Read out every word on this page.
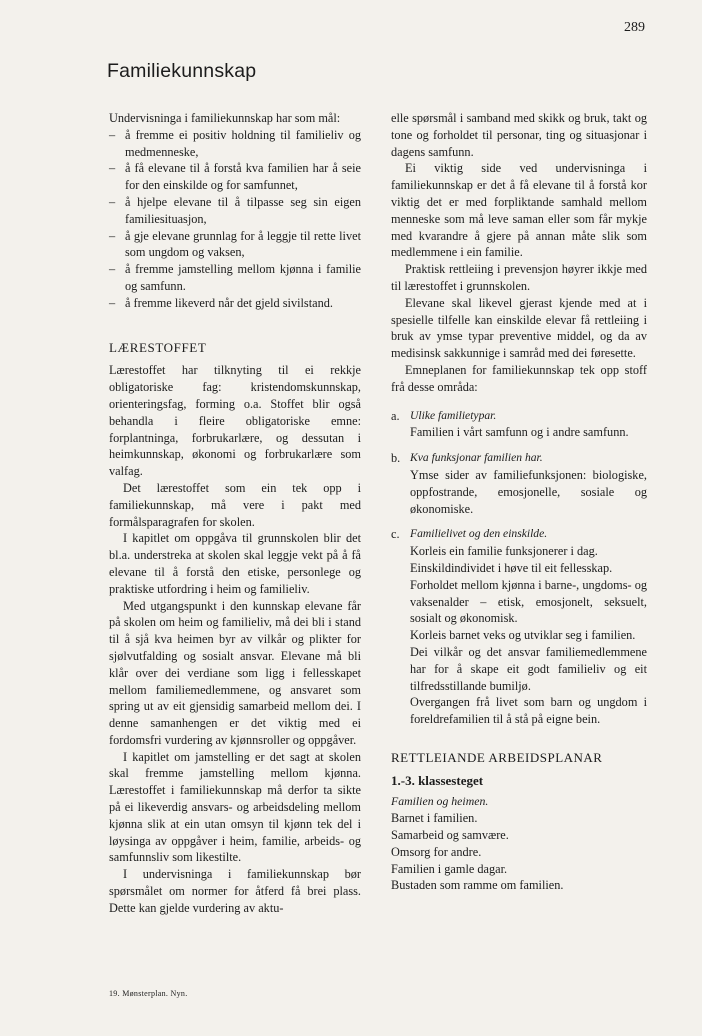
289
Familiekunnskap

Undervisninga i familiekunnskap har som mål:

– å fremme ei positiv holdning til familieliv og medmenneske,

– å få elevane til å forstå kva familien har å seie for den einskilde og for samfunnet,

– å hjelpe elevane til å tilpasse seg sin eigen familiesituasjon,

– å gje elevane grunnlag for å leggje til rette livet som ungdom og vaksen,

– å fremme jamstelling mellom kjønna i familie og samfunn.

– å fremme likeverd når det gjeld sivilstand.

LÆRESTOFFET

Lærestoffet har tilknyting til ei rekkje obligatoriske fag: kristendomskunnskap, orienteringsfag, forming o.a. Stoffet blir også behandla i fleire obligatoriske emne: forplantninga, forbrukarlære, og dessutan i heimkunnskap, økonomi og forbrukarlære som valfag.

Det lærestoffet som ein tek opp i familiekunnskap, må vere i pakt med formålsparagrafen for skolen.

I kapitlet om oppgåva til grunnskolen blir det bl.a. understreka at skolen skal leggje vekt på å få elevane til å forstå den etiske, personlege og praktiske utfordring i heim og familieliv.

Med utgangspunkt i den kunnskap elevane får på skolen om heim og familieliv, må dei bli i stand til å sjå kva heimen byr av vilkår og plikter for sjølvutfalding og sosialt ansvar. Elevane må bli klår over dei verdiane som ligg i fellesskapet mellom familiemedlemmene, og ansvaret som spring ut av eit gjensidig samarbeid mellom dei. I denne samanhengen er det viktig med ei fordomsfri vurdering av kjønnsroller og oppgåver.

I kapitlet om jamstelling er det sagt at skolen skal fremme jamstelling mellom kjønna. Lærestoffet i familiekunnskap må derfor ta sikte på ei likeverdig ansvars- og arbeidsdeling mellom kjønna slik at ein utan omsyn til kjønn tek del i løysinga av oppgåver i heim, familie, arbeids- og samfunnsliv som likestilte.

I undervisninga i familiekunnskap bør spørsmålet om normer for åtferd få brei plass. Dette kan gjelde vurdering av aktu-

elle spørsmål i samband med skikk og bruk, takt og tone og forholdet til personar, ting og situasjonar i dagens samfunn.

Ei viktig side ved undervisninga i familiekunnskap er det å få elevane til å forstå kor viktig det er med forpliktande samhald mellom menneske som må leve saman eller som får mykje med kvarandre å gjere på annan måte slik som medlemmene i ein familie.

Praktisk rettleiing i prevensjon høyrer ikkje med til lærestoffet i grunnskolen.

Elevane skal likevel gjerast kjende med at i spesielle tilfelle kan einskilde elevar få rettleiing i bruk av ymse typar preventive middel, og da av medisinsk sakkunnige i samråd med dei føresette.

Emneplanen for familiekunnskap tek opp stoff frå desse områda:

a. Ulike familietypar.

Familien i vårt samfunn og i andre samfunn.

b. Kva funksjonar familien har.

Ymse sider av familiefunksjonen: biologiske, oppfostrande, emosjonelle, sosiale og økonomiske.

c. Familielivet og den einskilde.

Korleis ein familie funksjonerer i dag.

Einskildindividet i høve til eit fellesskap.

Forholdet mellom kjønna i barne-, ungdoms- og vaksenalder – etisk, emosjonelt, seksuelt, sosialt og økonomisk.

Korleis barnet veks og utviklar seg i familien.

Dei vilkår og det ansvar familiemedlemmene har for å skape eit godt familieliv og eit tilfredsstillande bumiljø.

Overgangen frå livet som barn og ungdom i foreldrefamilien til å stå på eigne bein.

RETTLEIANDE ARBEIDSPLANAR
1.-3. klassesteget
Familien og heimen.
Barnet i familien.
Samarbeid og samvære.
Omsorg for andre.
Familien i gamle dagar.
Bustaden som ramme om familien.
19. Mønsterplan. Nyn.
